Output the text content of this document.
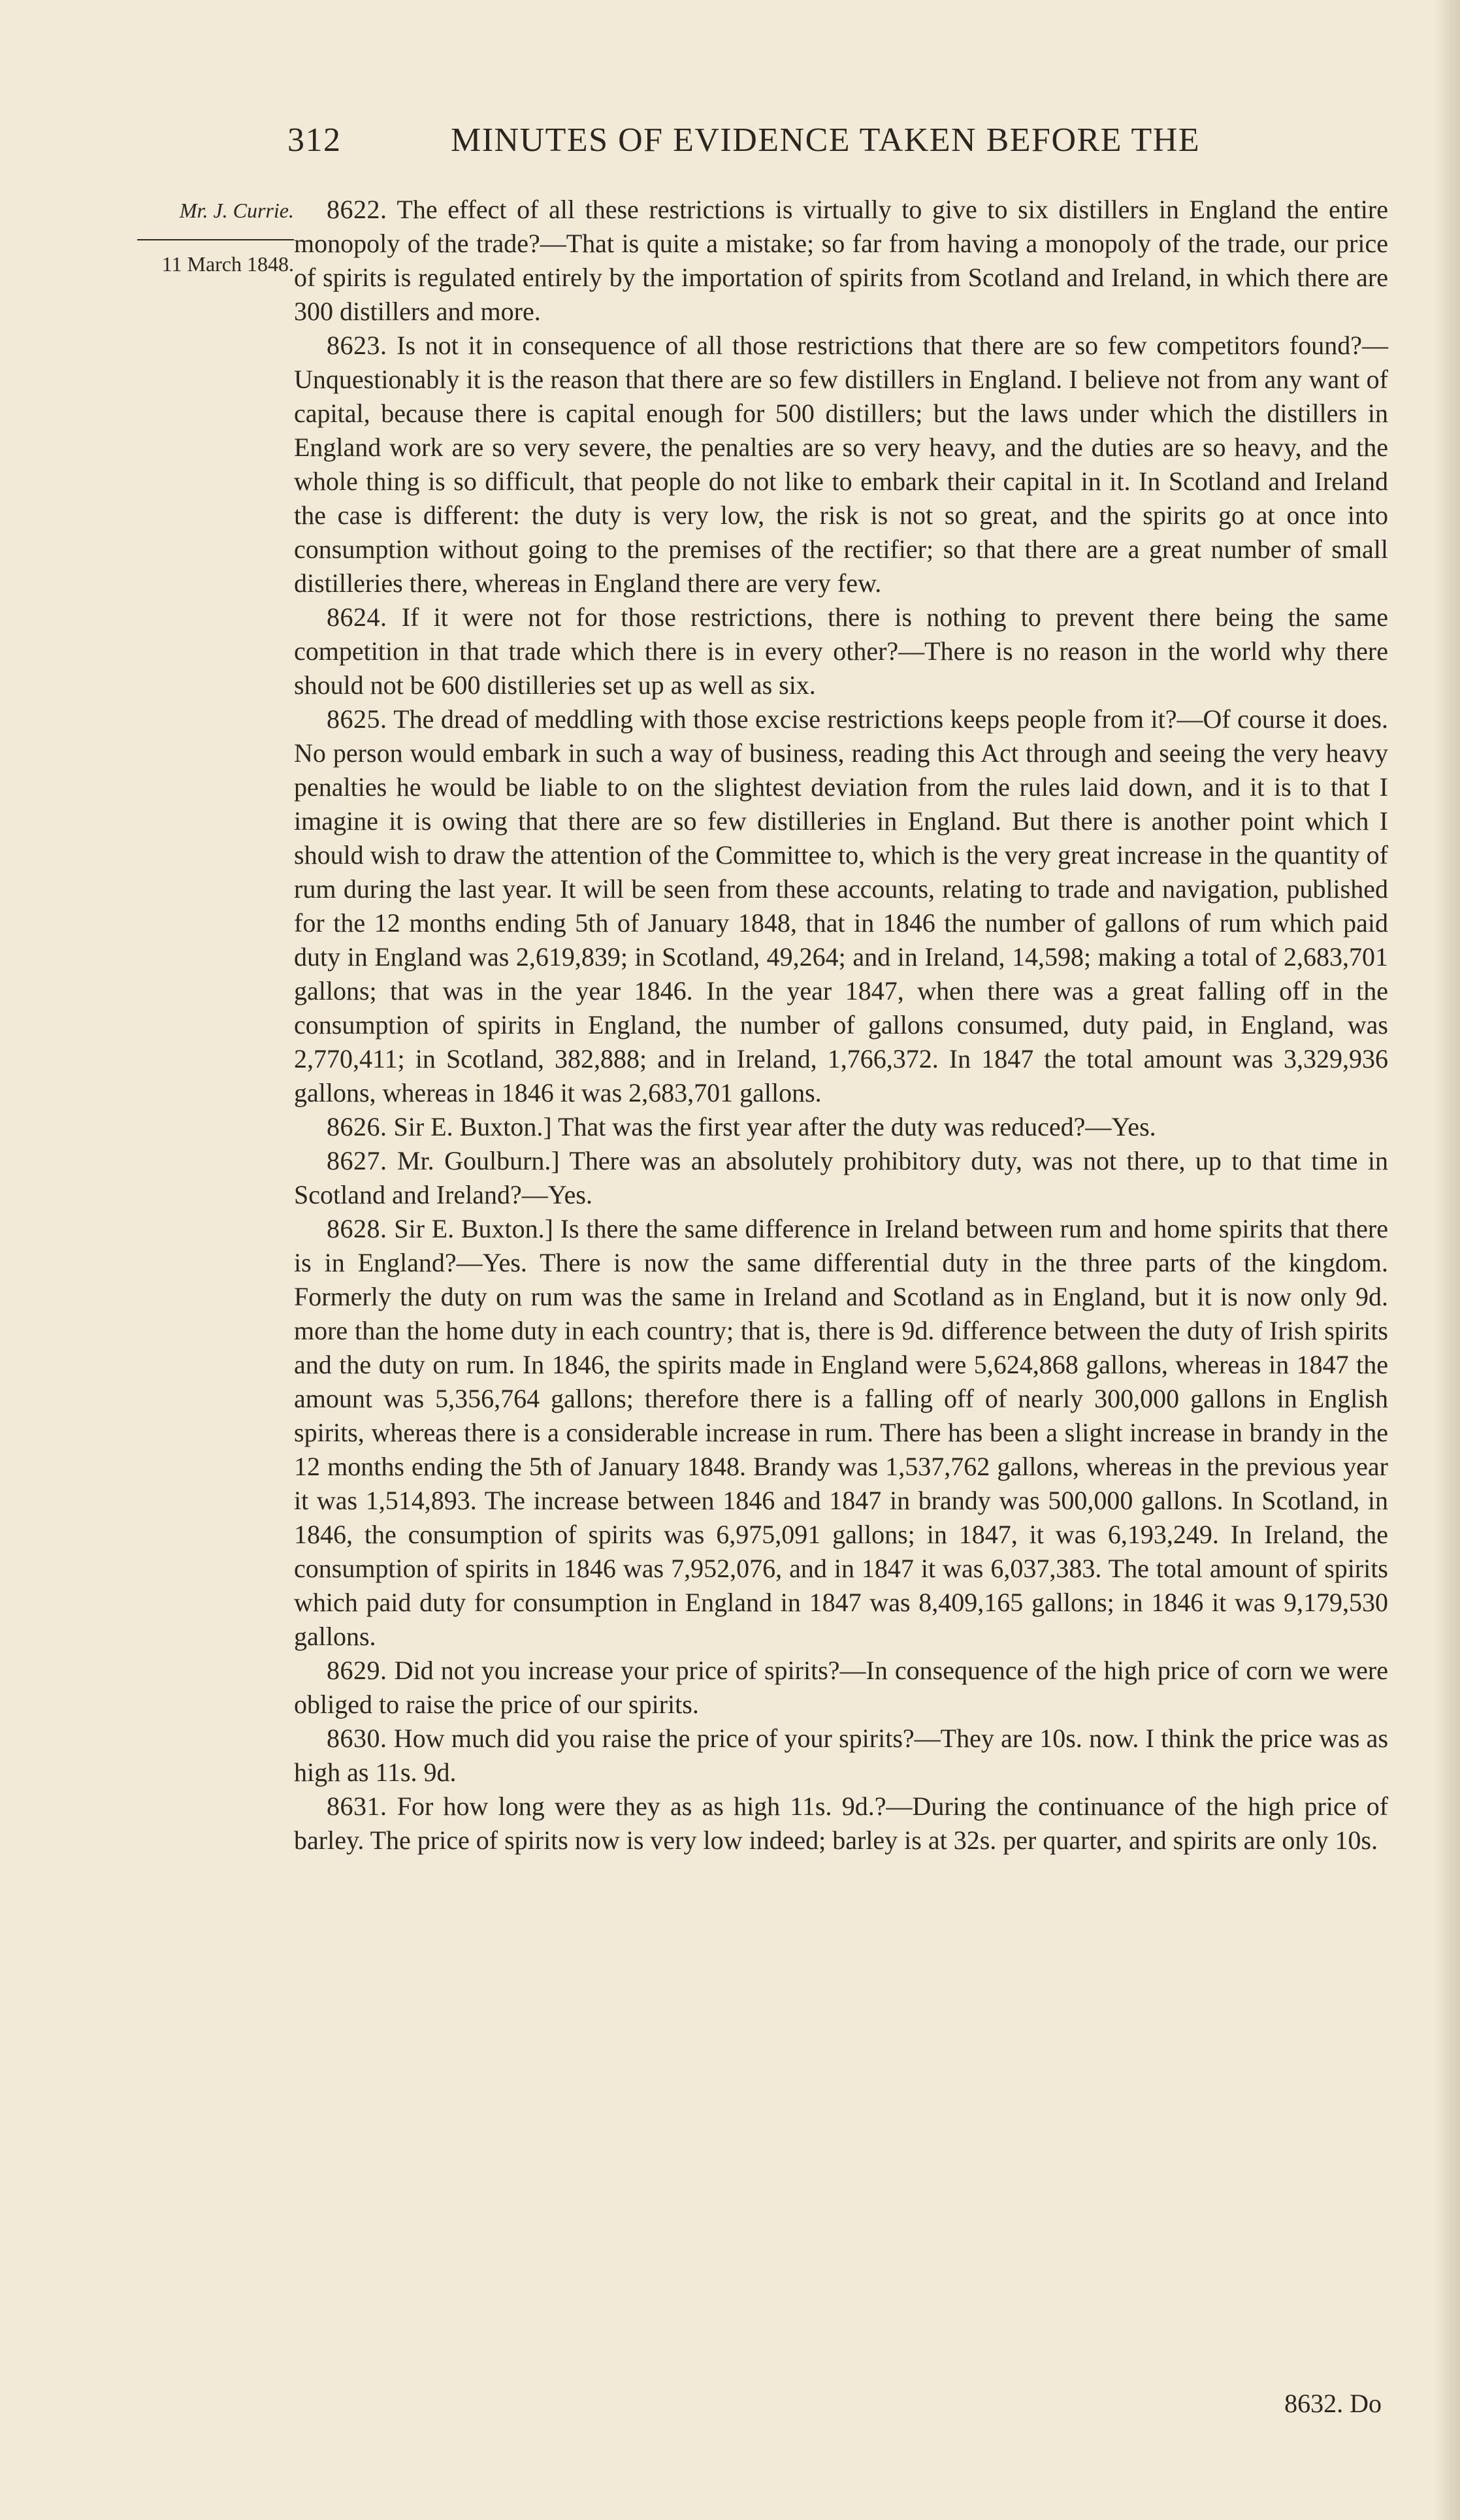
312	MINUTES OF EVIDENCE TAKEN BEFORE THE
Mr. J. Currie.
11 March 1848.

8622. The effect of all these restrictions is virtually to give to six distillers in England the entire monopoly of the trade?—That is quite a mistake; so far from having a monopoly of the trade, our price of spirits is regulated entirely by the importation of spirits from Scotland and Ireland, in which there are 300 distillers and more.

8623. Is not it in consequence of all those restrictions that there are so few competitors found?—Unquestionably it is the reason that there are so few distillers in England. I believe not from any want of capital, because there is capital enough for 500 distillers; but the laws under which the distillers in England work are so very severe, the penalties are so very heavy, and the duties are so heavy, and the whole thing is so difficult, that people do not like to embark their capital in it. In Scotland and Ireland the case is different: the duty is very low, the risk is not so great, and the spirits go at once into consumption without going to the premises of the rectifier; so that there are a great number of small distilleries there, whereas in England there are very few.

8624. If it were not for those restrictions, there is nothing to prevent there being the same competition in that trade which there is in every other?—There is no reason in the world why there should not be 600 distilleries set up as well as six.

8625. The dread of meddling with those excise restrictions keeps people from it?—Of course it does. No person would embark in such a way of business, reading this Act through and seeing the very heavy penalties he would be liable to on the slightest deviation from the rules laid down, and it is to that I imagine it is owing that there are so few distilleries in England. But there is another point which I should wish to draw the attention of the Committee to, which is the very great increase in the quantity of rum during the last year. It will be seen from these accounts, relating to trade and navigation, published for the 12 months ending 5th of January 1848, that in 1846 the number of gallons of rum which paid duty in England was 2,619,839; in Scotland, 49,264; and in Ireland, 14,598; making a total of 2,683,701 gallons; that was in the year 1846. In the year 1847, when there was a great falling off in the consumption of spirits in England, the number of gallons consumed, duty paid, in England, was 2,770,411; in Scotland, 382,888; and in Ireland, 1,766,372. In 1847 the total amount was 3,329,936 gallons, whereas in 1846 it was 2,683,701 gallons.

8626. Sir E. Buxton.] That was the first year after the duty was reduced?—Yes.

8627. Mr. Goulburn.] There was an absolutely prohibitory duty, was not there, up to that time in Scotland and Ireland?—Yes.

8628. Sir E. Buxton.] Is there the same difference in Ireland between rum and home spirits that there is in England?—Yes. There is now the same differential duty in the three parts of the kingdom. Formerly the duty on rum was the same in Ireland and Scotland as in England, but it is now only 9d. more than the home duty in each country; that is, there is 9d. difference between the duty of Irish spirits and the duty on rum. In 1846, the spirits made in England were 5,624,868 gallons, whereas in 1847 the amount was 5,356,764 gallons; therefore there is a falling off of nearly 300,000 gallons in English spirits, whereas there is a considerable increase in rum. There has been a slight increase in brandy in the 12 months ending the 5th of January 1848. Brandy was 1,537,762 gallons, whereas in the previous year it was 1,514,893. The increase between 1846 and 1847 in brandy was 500,000 gallons. In Scotland, in 1846, the consumption of spirits was 6,975,091 gallons; in 1847, it was 6,193,249. In Ireland, the consumption of spirits in 1846 was 7,952,076, and in 1847 it was 6,037,383. The total amount of spirits which paid duty for consumption in England in 1847 was 8,409,165 gallons; in 1846 it was 9,179,530 gallons.

8629. Did not you increase your price of spirits?—In consequence of the high price of corn we were obliged to raise the price of our spirits.

8630. How much did you raise the price of your spirits?—They are 10s. now. I think the price was as high as 11s. 9d.

8631. For how long were they as as high 11s. 9d.?—During the continuance of the high price of barley. The price of spirits now is very low indeed; barley is at 32s. per quarter, and spirits are only 10s.

8632. Do
